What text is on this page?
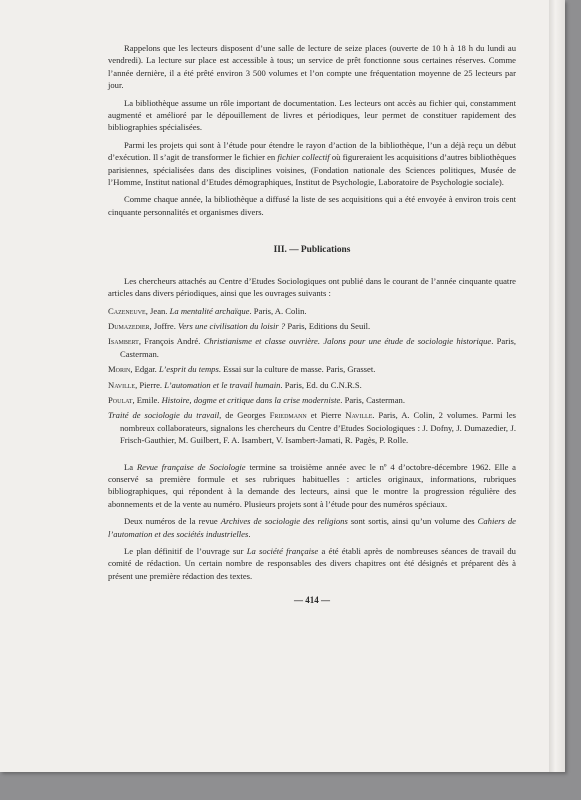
Rappelons que les lecteurs disposent d’une salle de lecture de seize places (ouverte de 10 h à 18 h du lundi au vendredi). La lecture sur place est accessible à tous; un service de prêt fonctionne sous certaines réserves. Comme l’année dernière, il a été prêté environ 3 500 volumes et l’on compte une fréquentation moyenne de 25 lecteurs par jour.

La bibliothèque assume un rôle important de documentation. Les lecteurs ont accès au fichier qui, constamment augmenté et amélioré par le dépouillement de livres et périodiques, leur permet de constituer rapidement des bibliographies spécialisées.

Parmi les projets qui sont à l’étude pour étendre le rayon d’action de la bibliothèque, l’un a déjà reçu un début d’exécution. Il s’agit de transformer le fichier en fichier collectif où figureraient les acquisitions d’autres bibliothèques parisiennes, spécialisées dans des disciplines voisines, (Fondation nationale des Sciences politiques, Musée de l’Homme, Institut national d’Etudes démographiques, Institut de Psychologie, Laboratoire de Psychologie sociale).

Comme chaque année, la bibliothèque a diffusé la liste de ses acquisitions qui a été envoyée à environ trois cent cinquante personnalités et organismes divers.

III. — Publications

Les chercheurs attachés au Centre d’Etudes Sociologiques ont publié dans le courant de l’année cinquante quatre articles dans divers périodiques, ainsi que les ouvrages suivants :

Cazeneuve, Jean. La mentalité archaïque. Paris, A. Colin.

Dumazedier, Joffre. Vers une civilisation du loisir ? Paris, Editions du Seuil.

Isambert, François André. Christianisme et classe ouvrière. Jalons pour une étude de sociologie historique. Paris, Casterman.

Morin, Edgar. L’esprit du temps. Essai sur la culture de masse. Paris, Grasset.

Naville, Pierre. L’automation et le travail humain. Paris, Ed. du C.N.R.S.

Poulat, Emile. Histoire, dogme et critique dans la crise moderniste. Paris, Casterman.

Traité de sociologie du travail, de Georges Friedmann et Pierre Naville. Paris, A. Colin, 2 volumes. Parmi les nombreux collaborateurs, signalons les chercheurs du Centre d’Etudes Sociologiques : J. Dofny, J. Dumazedier, J. Frisch-Gauthier, M. Guilbert, F. A. Isambert, V. Isambert-Jamati, R. Pagès, P. Rolle.

La Revue française de Sociologie termine sa troisième année avec le nº 4 d’octobre-décembre 1962. Elle a conservé sa première formule et ses rubriques habituelles : articles originaux, informations, rubriques bibliographiques, qui répondent à la demande des lecteurs, ainsi que le montre la progression régulière des abonnements et de la vente au numéro. Plusieurs projets sont à l’étude pour des numéros spéciaux.

Deux numéros de la revue Archives de sociologie des religions sont sortis, ainsi qu’un volume des Cahiers de l’automation et des sociétés industrielles.

Le plan définitif de l’ouvrage sur La société française a été établi après de nombreuses séances de travail du comité de rédaction. Un certain nombre de responsables des divers chapitres ont été désignés et préparent dès à présent une première rédaction des textes.

— 414 —
